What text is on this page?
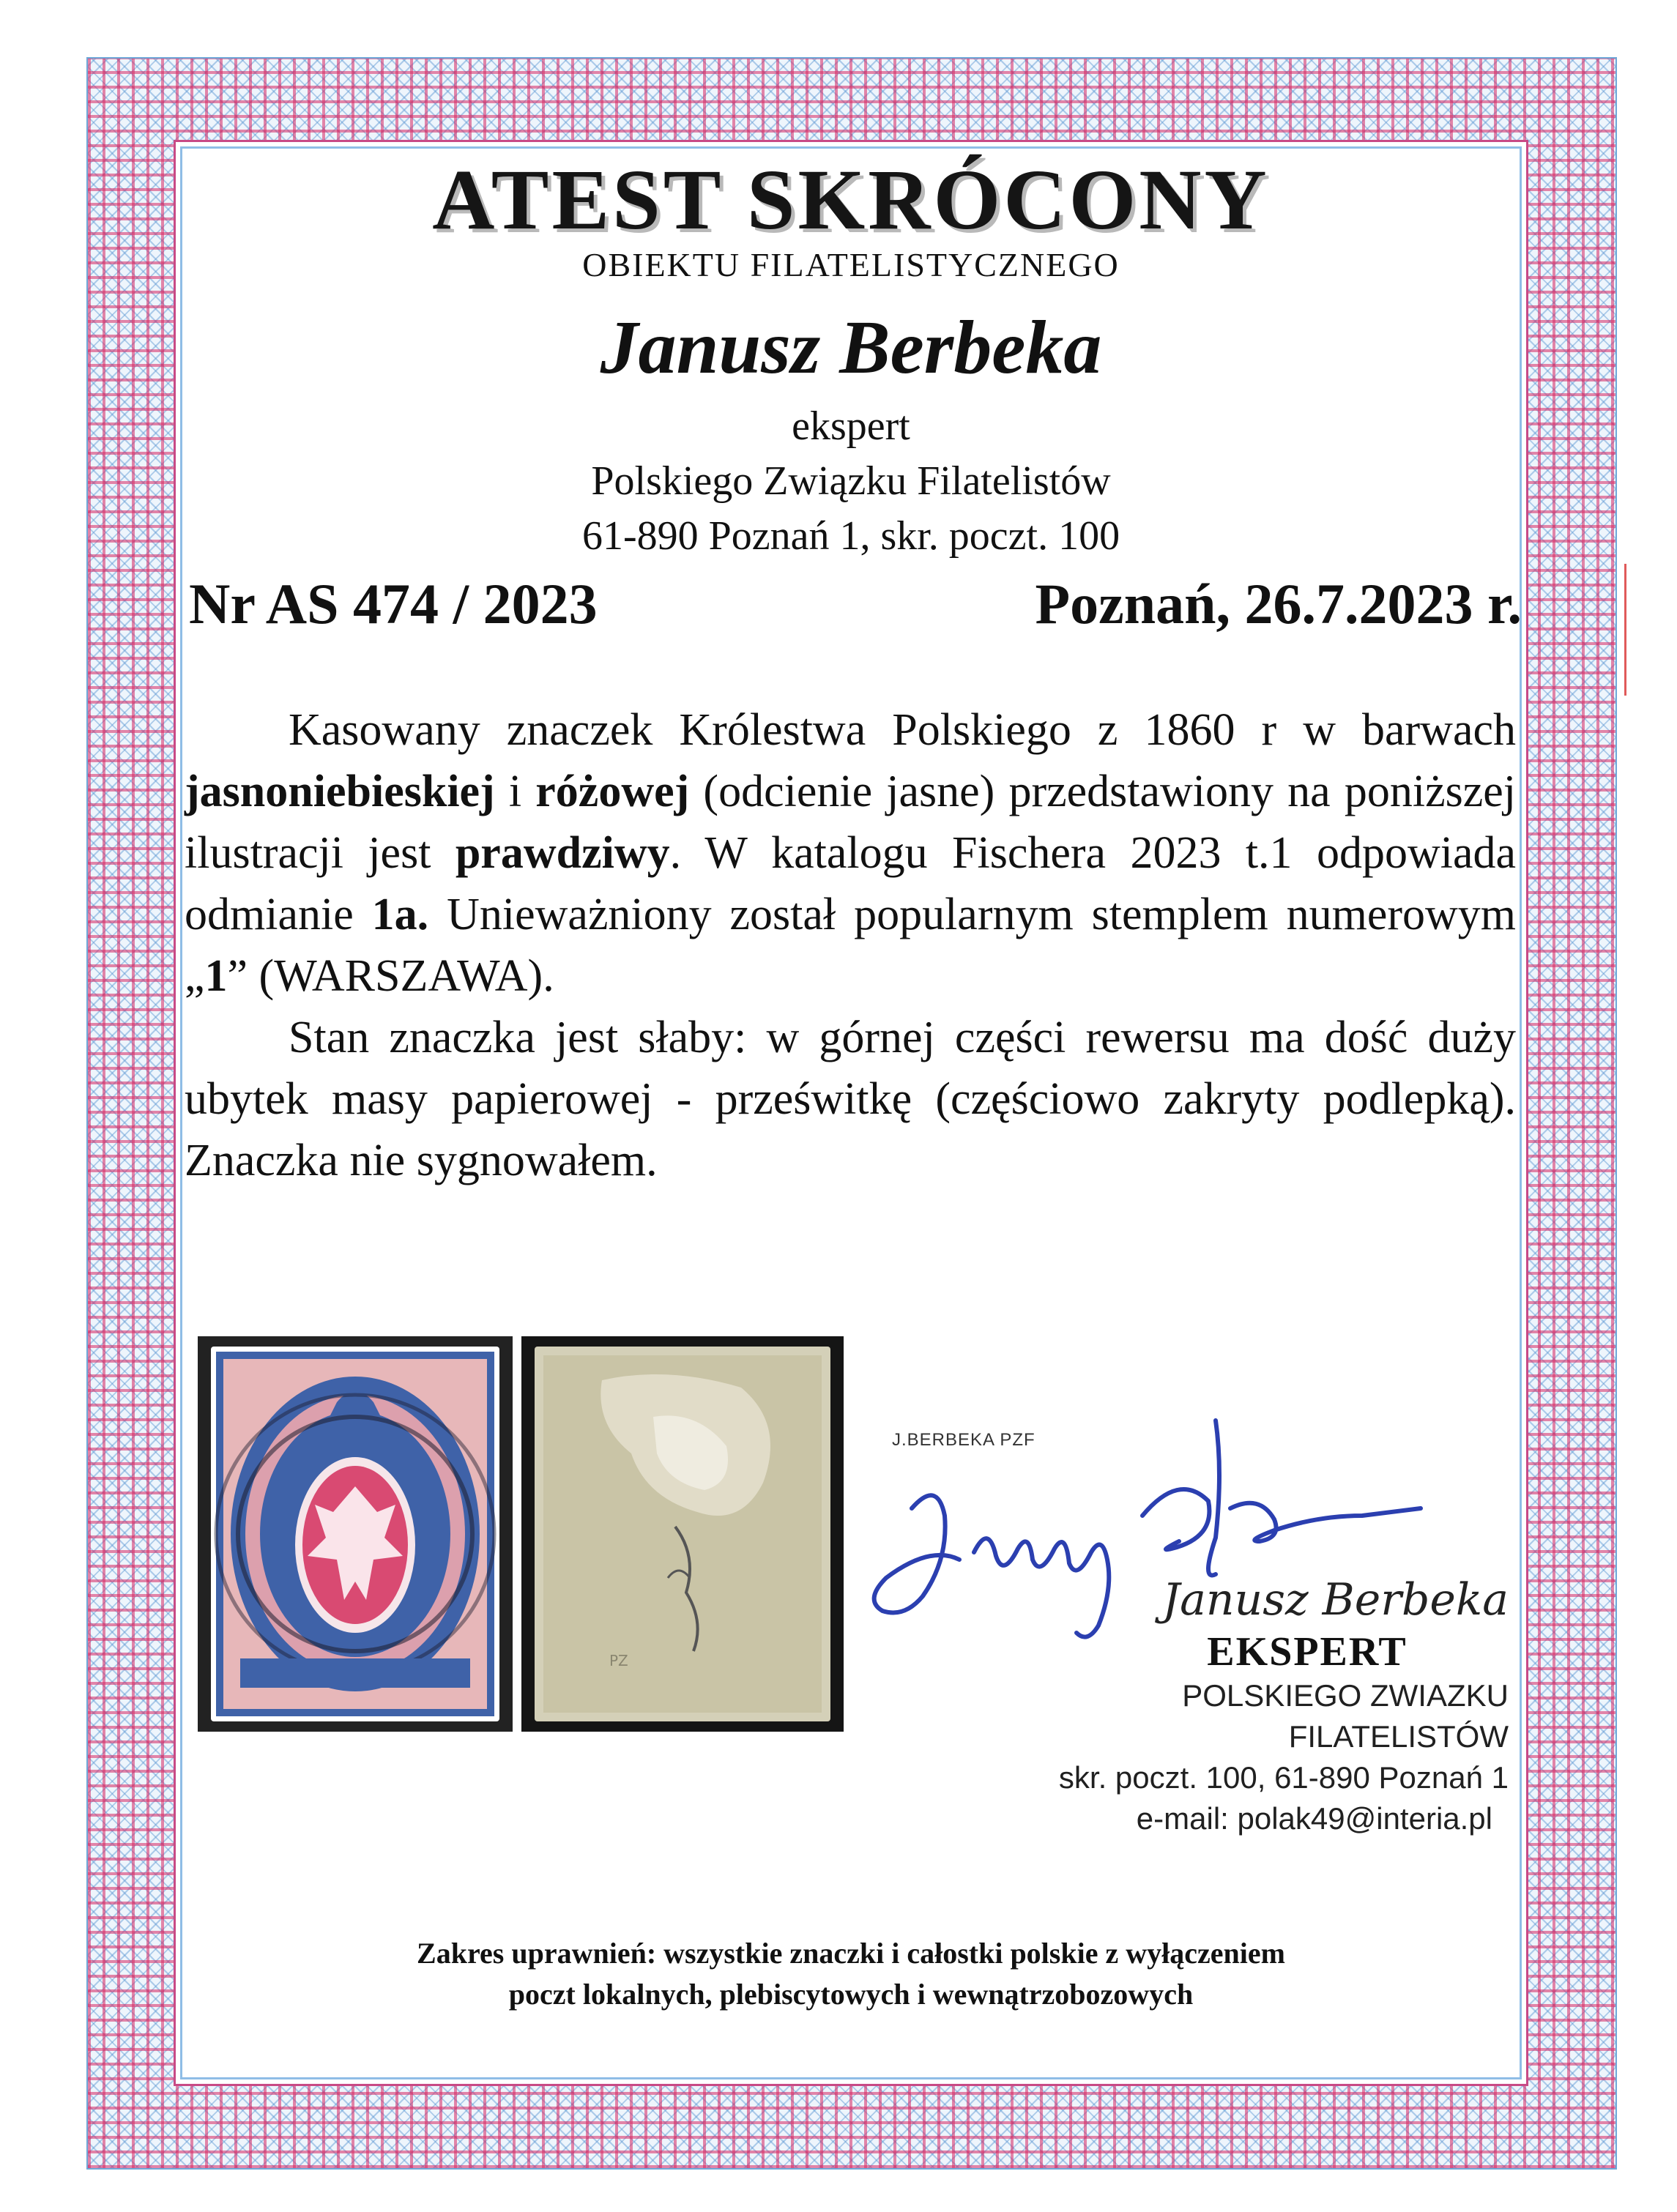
ATEST SKRÓCONY
OBIEKTU FILATELISTYCZNEGO
Janusz Berbeka
ekspert
Polskiego Związku Filatelistów
61-890 Poznań 1, skr. poczt. 100
Nr AS 474 / 2023	Poznań, 26.7.2023 r.

Kasowany znaczek Królestwa Polskiego z 1860 r w barwach jasnoniebieskiej i różowej (odcienie jasne) przedstawiony na poniższej ilustracji jest prawdziwy. W katalogu Fischera 2023 t.1 odpowiada odmianie 1a. Unieważniony został popularnym stemplem numerowym „1” (WARSZAWA).

Stan znaczka jest słaby: w górnej części rewersu ma dość duży ubytek masy papierowej - prześwitkę (częściowo zakryty podlepką). Znaczka nie sygnowałem.

PZ
J.BERBEKA PZF
Janusz Berbeka
EKSPERT
POLSKIEGO ZWIAZKU FILATELISTÓW
skr. poczt. 100, 61-890 Poznań 1
e-mail: polak49@interia.pl
Zakres uprawnień: wszystkie znaczki i całostki polskie z wyłączeniem
poczt lokalnych, plebiscytowych i wewnątrzobozowych
